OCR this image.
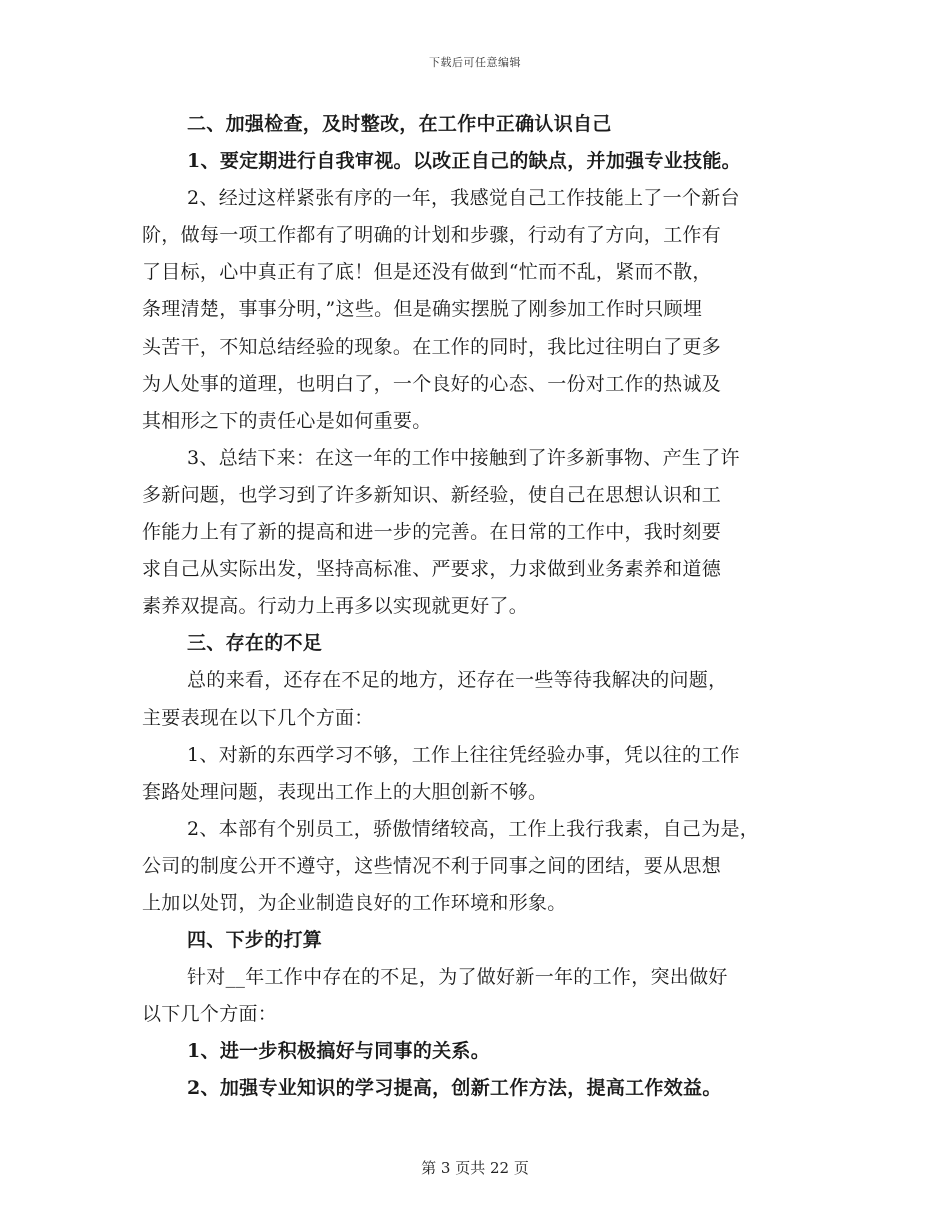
下载后可任意编辑

二、加强检查，及时整改，在工作中正确认识自己

1、要定期进行自我审视。以改正自己的缺点，并加强专业技能。

2、经过这样紧张有序的一年，我感觉自己工作技能上了一个新台
阶，做每一项工作都有了明确的计划和步骤，行动有了方向，工作有
了目标，心中真正有了底！但是还没有做到“忙而不乱，紧而不散，
条理清楚，事事分明，”这些。但是确实摆脱了刚参加工作时只顾埋
头苦干，不知总结经验的现象。在工作的同时，我比过往明白了更多
为人处事的道理，也明白了，一个良好的心态、一份对工作的热诚及
其相形之下的责任心是如何重要。

3、总结下来：在这一年的工作中接触到了许多新事物、产生了许
多新问题，也学习到了许多新知识、新经验，使自己在思想认识和工
作能力上有了新的提高和进一步的完善。在日常的工作中，我时刻要
求自己从实际出发，坚持高标准、严要求，力求做到业务素养和道德
素养双提高。行动力上再多以实现就更好了。

三、存在的不足

总的来看，还存在不足的地方，还存在一些等待我解决的问题，
主要表现在以下几个方面：

1、对新的东西学习不够，工作上往往凭经验办事，凭以往的工作
套路处理问题，表现出工作上的大胆创新不够。

2、本部有个别员工，骄傲情绪较高，工作上我行我素，自己为是，
公司的制度公开不遵守，这些情况不利于同事之间的团结，要从思想
上加以处罚，为企业制造良好的工作环境和形象。

四、下步的打算

针对__年工作中存在的不足，为了做好新一年的工作，突出做好
以下几个方面：

1、进一步积极搞好与同事的关系。

2、加强专业知识的学习提高，创新工作方法，提高工作效益。

第 3 页共 22 页
